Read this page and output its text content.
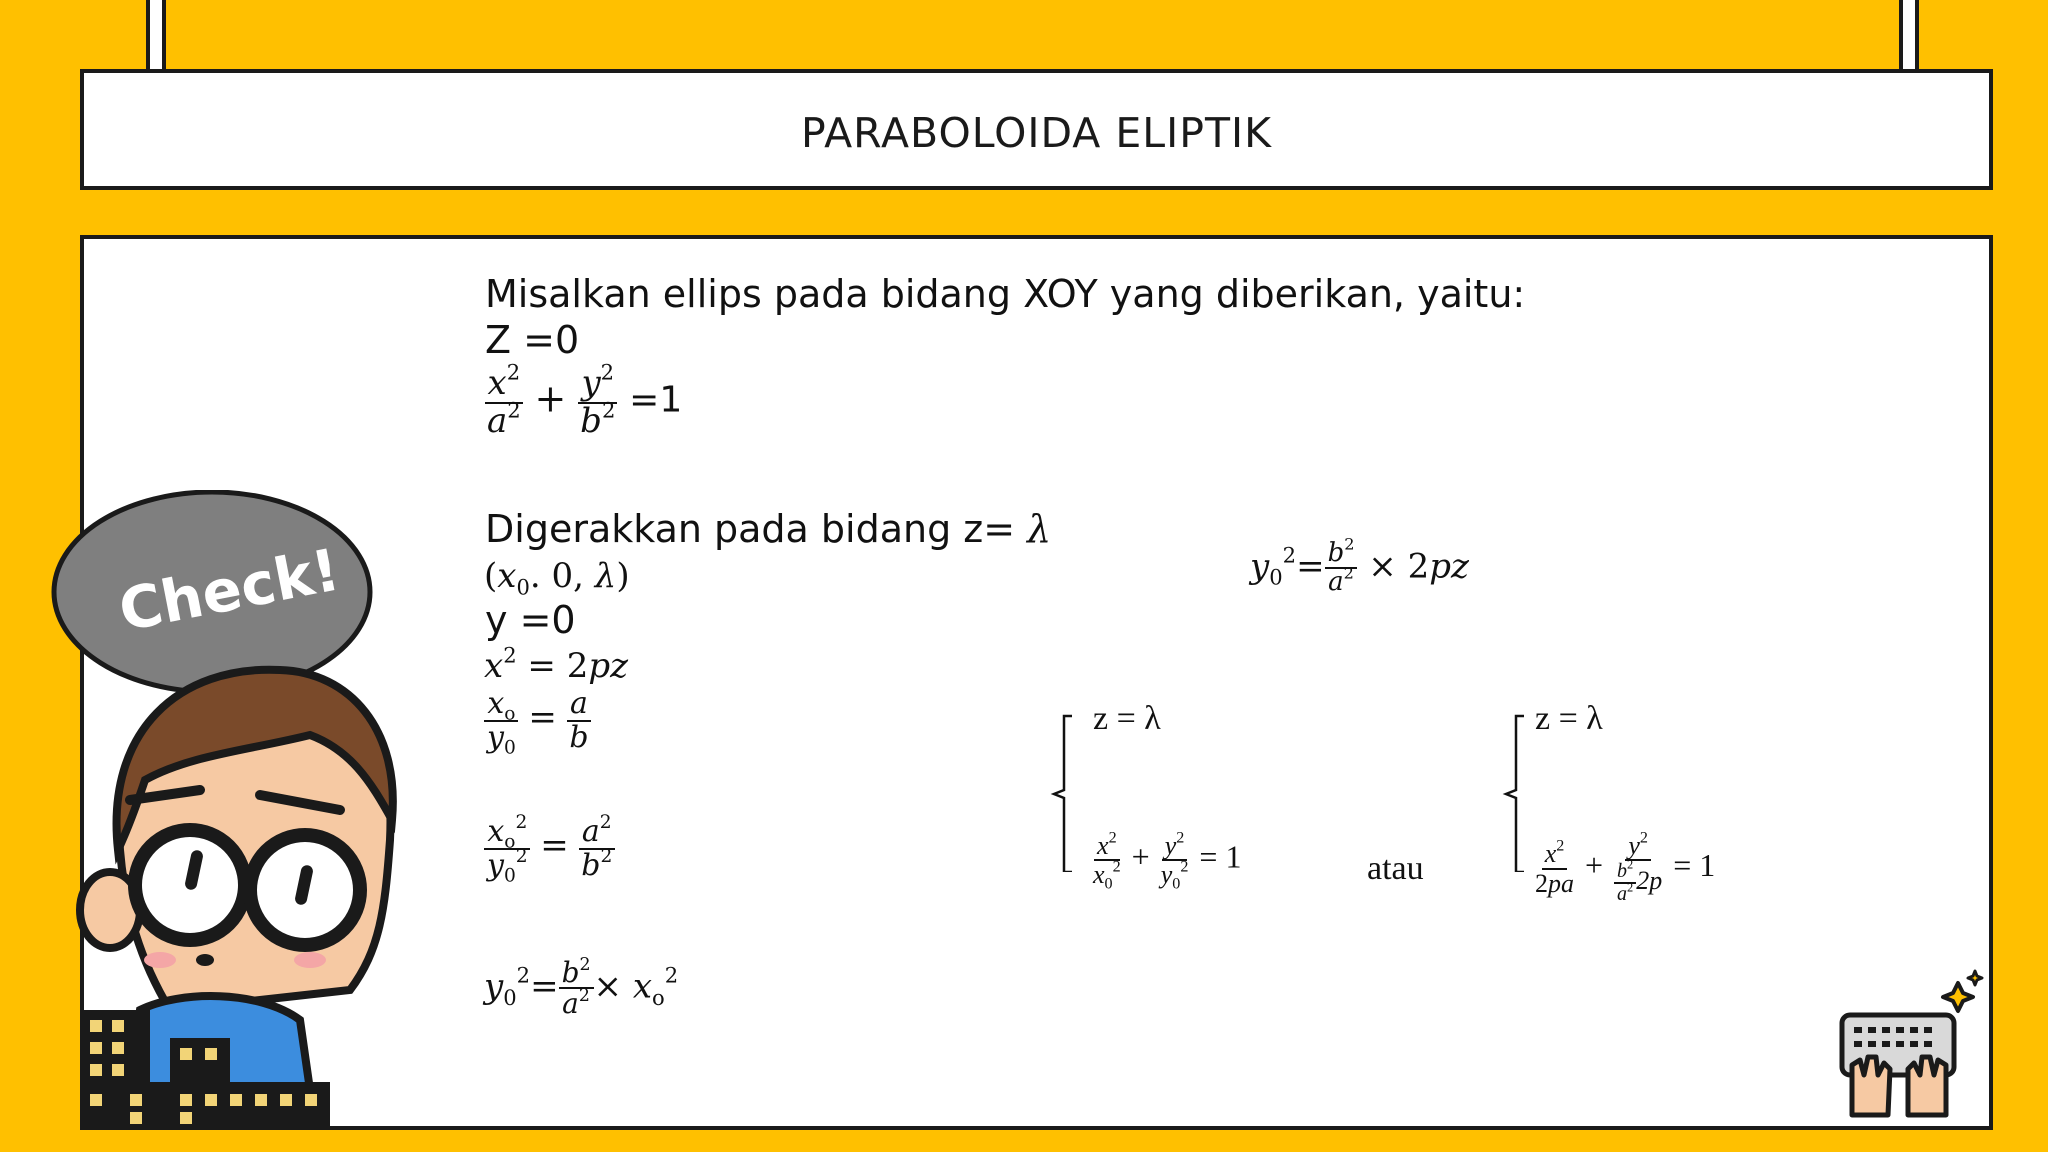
PARABOLOIDA ELIPTIK
Misalkan ellips pada bidang XOY yang diberikan, yaitu:
Z =0
$\frac{x^2}{a^2} + \frac{y^2}{b^2} =1$
Digerakkan pada bidang z= λ
($x_0$. 0, λ)
y =0
$x^2 = 2pz$
$\frac{x_o}{y_0} = \frac{a}{b}$
$\frac{x_o^2}{y_0^2} = \frac{a^2}{b^2}$
$y_0^2= \frac{b^2}{a^2} \times x_o^2$
$y_0^2= \frac{b^2}{a^2} \times 2pz$
z = λ
$\frac{x^2}{x_0^2} + \frac{y^2}{y_0^2} = 1$	atau
z = λ
$\frac{x^2}{2pa} + \frac{y^2}{\frac{b^2}{a^2} 2p} = 1$
Check!
